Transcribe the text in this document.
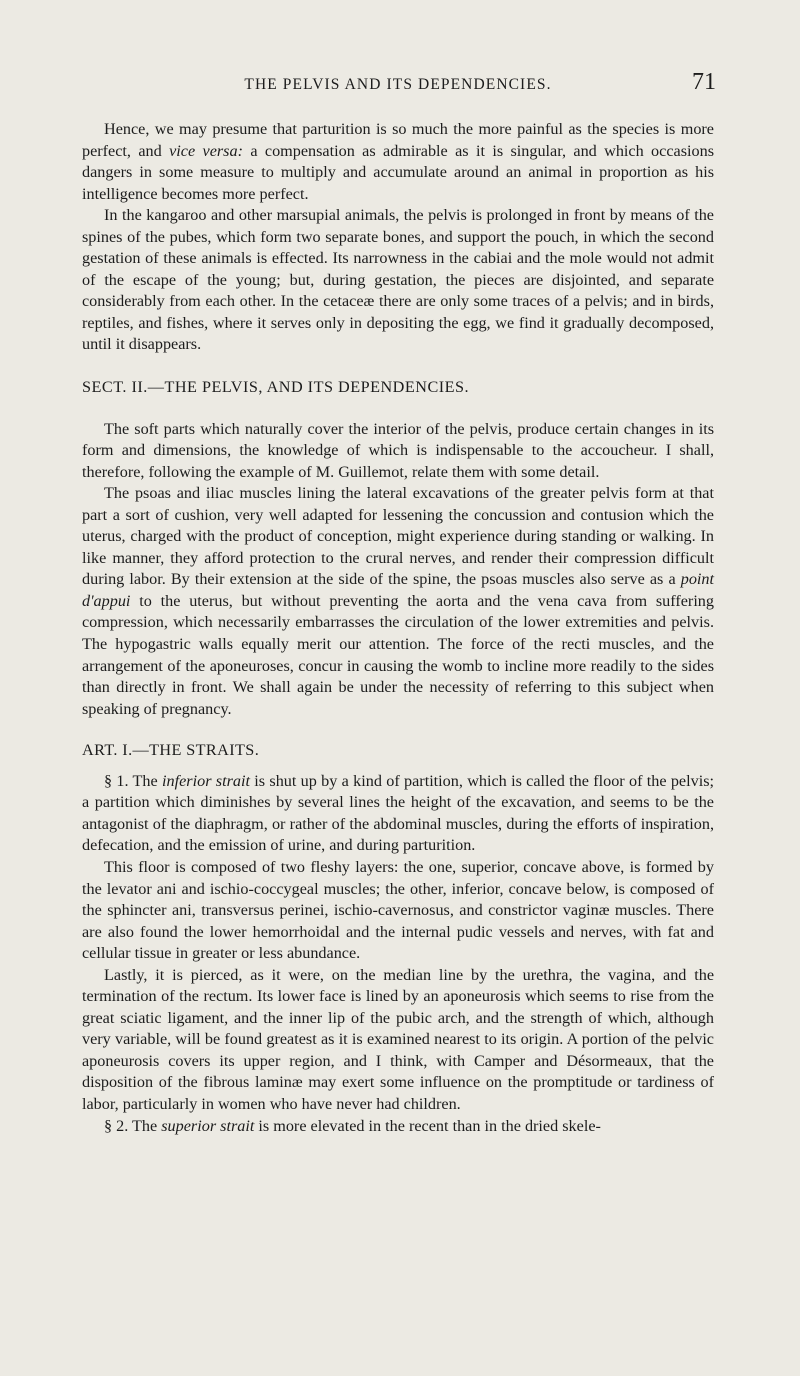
THE PELVIS AND ITS DEPENDENCIES.	71

Hence, we may presume that parturition is so much the more painful as the species is more perfect, and vice versa: a compensation as admirable as it is singular, and which occasions dangers in some measure to multiply and accumulate around an animal in proportion as his intelligence becomes more perfect.

In the kangaroo and other marsupial animals, the pelvis is prolonged in front by means of the spines of the pubes, which form two separate bones, and support the pouch, in which the second gestation of these animals is effected. Its narrowness in the cabiai and the mole would not admit of the escape of the young; but, during gestation, the pieces are disjointed, and separate considerably from each other. In the cetaceæ there are only some traces of a pelvis; and in birds, reptiles, and fishes, where it serves only in depositing the egg, we find it gradually decomposed, until it disappears.

SECT. II.—THE PELVIS, AND ITS DEPENDENCIES.

The soft parts which naturally cover the interior of the pelvis, produce certain changes in its form and dimensions, the knowledge of which is indispensable to the accoucheur. I shall, therefore, following the example of M. Guillemot, relate them with some detail.

The psoas and iliac muscles lining the lateral excavations of the greater pelvis form at that part a sort of cushion, very well adapted for lessening the concussion and contusion which the uterus, charged with the product of conception, might experience during standing or walking. In like manner, they afford protection to the crural nerves, and render their compression difficult during labor. By their extension at the side of the spine, the psoas muscles also serve as a point d'appui to the uterus, but without preventing the aorta and the vena cava from suffering compression, which necessarily embarrasses the circulation of the lower extremities and pelvis. The hypogastric walls equally merit our attention. The force of the recti muscles, and the arrangement of the aponeuroses, concur in causing the womb to incline more readily to the sides than directly in front. We shall again be under the necessity of referring to this subject when speaking of pregnancy.

ART. I.—THE STRAITS.

§ 1. The inferior strait is shut up by a kind of partition, which is called the floor of the pelvis; a partition which diminishes by several lines the height of the excavation, and seems to be the antagonist of the diaphragm, or rather of the abdominal muscles, during the efforts of inspiration, defecation, and the emission of urine, and during parturition.

This floor is composed of two fleshy layers: the one, superior, concave above, is formed by the levator ani and ischio-coccygeal muscles; the other, inferior, concave below, is composed of the sphincter ani, transversus perinei, ischio-cavernosus, and constrictor vaginæ muscles. There are also found the lower hemorrhoidal and the internal pudic vessels and nerves, with fat and cellular tissue in greater or less abundance.

Lastly, it is pierced, as it were, on the median line by the urethra, the vagina, and the termination of the rectum. Its lower face is lined by an aponeurosis which seems to rise from the great sciatic ligament, and the inner lip of the pubic arch, and the strength of which, although very variable, will be found greatest as it is examined nearest to its origin. A portion of the pelvic aponeurosis covers its upper region, and I think, with Camper and Désormeaux, that the disposition of the fibrous laminæ may exert some influence on the promptitude or tardiness of labor, particularly in women who have never had children.

§ 2. The superior strait is more elevated in the recent than in the dried skele-
